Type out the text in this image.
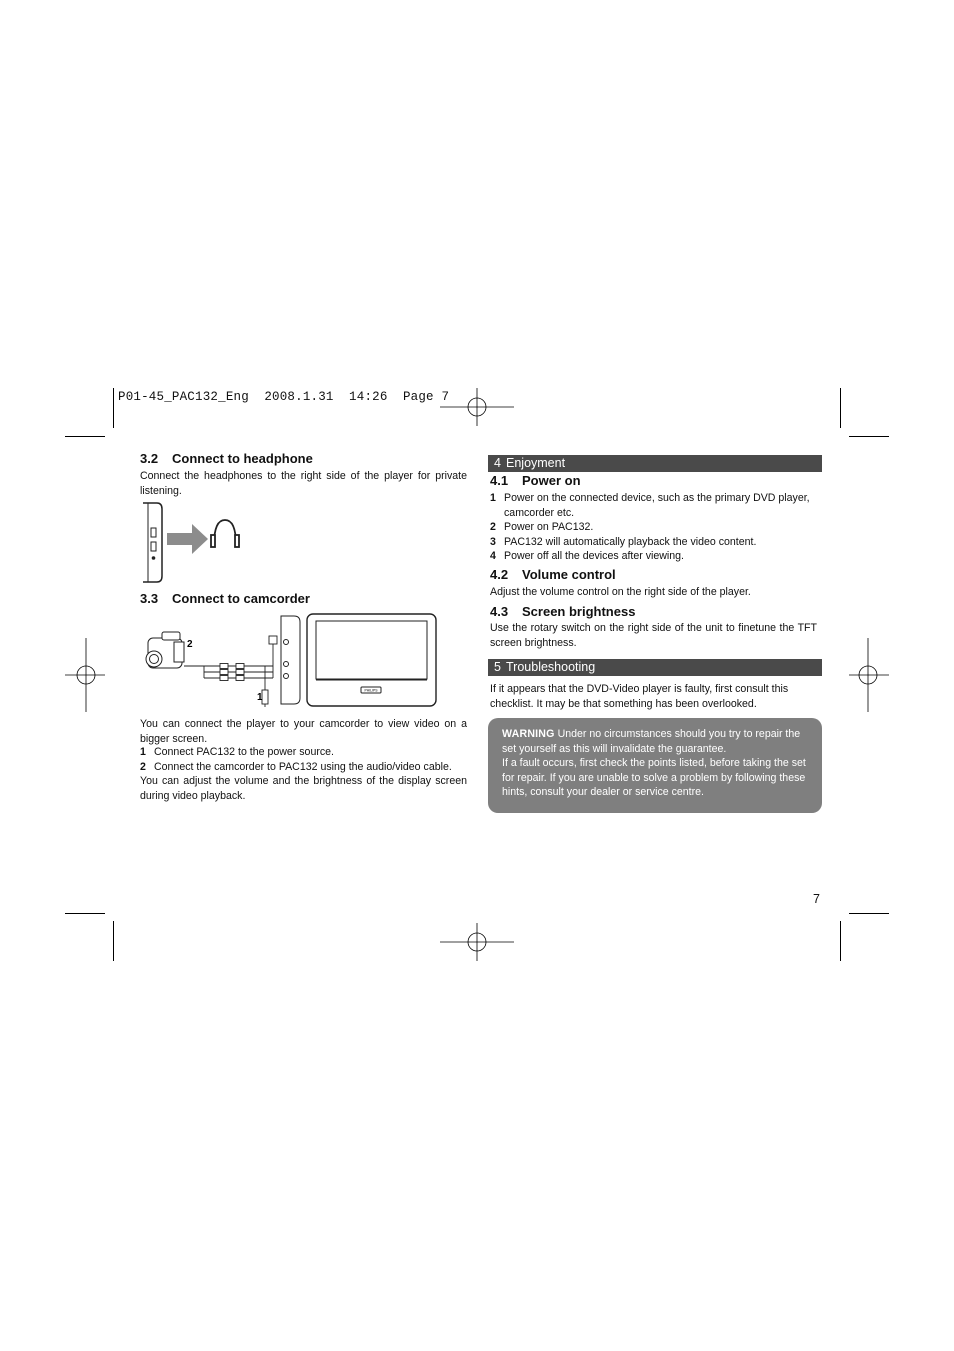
P01-45_PAC132_Eng  2008.1.31  14:26  Page 7
3.2 Connect to headphone
Connect the headphones to the right side of the player for private listening.
3.3 Connect to camcorder
2
1
PHILIPS
You can connect the player to your camcorder to view video on a bigger screen.
1 Connect PAC132 to the power source.
2 Connect the camcorder to PAC132 using the audio/video cable.
You can adjust the volume and the brightness of the display screen during video playback.
4 Enjoyment
4.1 Power on
1 Power on the connected device, such as the primary DVD player, camcorder etc.
2 Power on PAC132.
3 PAC132 will automatically playback the video content.
4 Power off all the devices after viewing.
4.2 Volume control
Adjust the volume control on the right side of the player.
4.3 Screen brightness
Use the rotary switch on the right side of the unit to finetune the TFT screen brightness.
5 Troubleshooting
If it appears that the DVD-Video player is faulty, first consult this checklist. It may be that something has been overlooked.
WARNING Under no circumstances should you try to repair the set yourself as this will invalidate the guarantee.
If a fault occurs, first check the points listed, before taking the set for repair. If you are unable to solve a problem by following these hints, consult your dealer or service centre.
7
